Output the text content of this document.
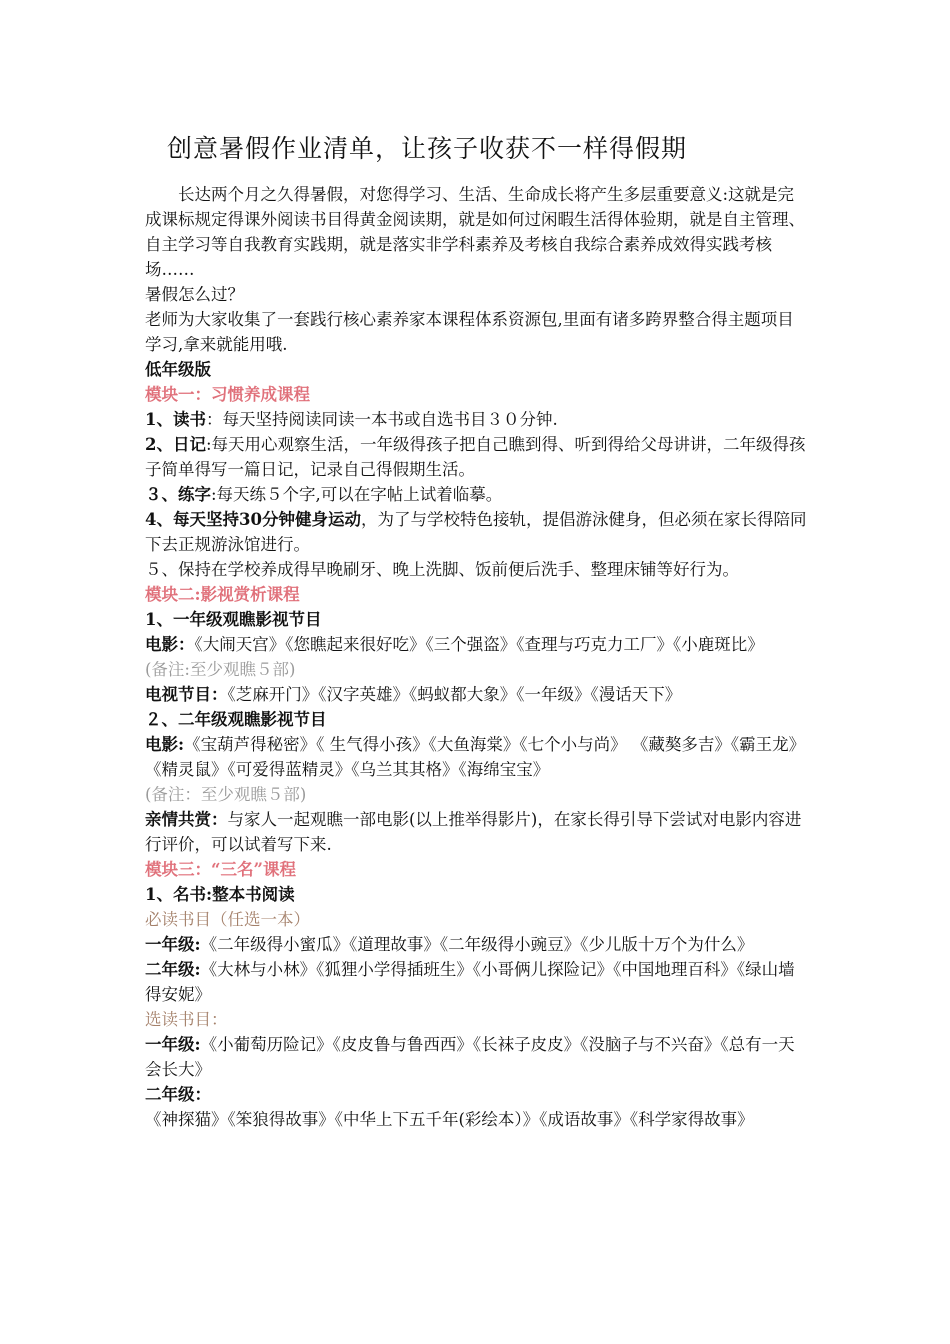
创意暑假作业清单，让孩子收获不一样得假期

长达两个月之久得暑假，对您得学习、生活、生命成长将产生多层重要意义:这就是完成课标规定得课外阅读书目得黄金阅读期，就是如何过闲暇生活得体验期，就是自主管理、自主学习等自我教育实践期，就是落实非学科素养及考核自我综合素养成效得实践考核场……

暑假怎么过？

老师为大家收集了一套践行核心素养家本课程体系资源包,里面有诸多跨界整合得主题项目学习,拿来就能用哦.

低年级版

模块一：习惯养成课程

1、读书：每天坚持阅读同读一本书或自选书目３０分钟.

2、日记:每天用心观察生活，一年级得孩子把自己瞧到得、听到得给父母讲讲，二年级得孩子简单得写一篇日记，记录自己得假期生活。

３、练字:每天练５个字,可以在字帖上试着临摹。

4、每天坚持30分钟健身运动，为了与学校特色接轨，提倡游泳健身，但必须在家长得陪同下去正规游泳馆进行。

５、保持在学校养成得早晚刷牙、晚上洗脚、饭前便后洗手、整理床铺等好行为。

模块二:影视赏析课程

1、一年级观瞧影视节目

电影：《大闹天宫》《您瞧起来很好吃》《三个强盗》《查理与巧克力工厂》《小鹿斑比》

(备注:至少观瞧５部)

电视节目：《芝麻开门》《汉字英雄》《蚂蚁都大象》《一年级》《漫话天下》

２、二年级观瞧影视节目

电影:《宝葫芦得秘密》《 生气得小孩》《大鱼海棠》《七个小与尚》 《藏獒多吉》《霸王龙》《精灵鼠》《可爱得蓝精灵》《乌兰其其格》《海绵宝宝》

(备注：至少观瞧５部)

亲情共赏：与家人一起观瞧一部电影(以上推举得影片)，在家长得引导下尝试对电影内容进行评价，可以试着写下来.

模块三：“三名”课程

1、名书:整本书阅读

必读书目（任选一本）

一年级:《二年级得小蜜瓜》《道理故事》《二年级得小豌豆》《少儿版十万个为什么》

二年级:《大林与小林》《狐狸小学得插班生》《小哥俩儿探险记》《中国地理百科》《绿山墙得安妮》

选读书目：

一年级:《小葡萄历险记》《皮皮鲁与鲁西西》《长袜子皮皮》《没脑子与不兴奋》《总有一天会长大》

二年级：《神探猫》《笨狼得故事》《中华上下五千年(彩绘本）》《成语故事》《科学家得故事》
